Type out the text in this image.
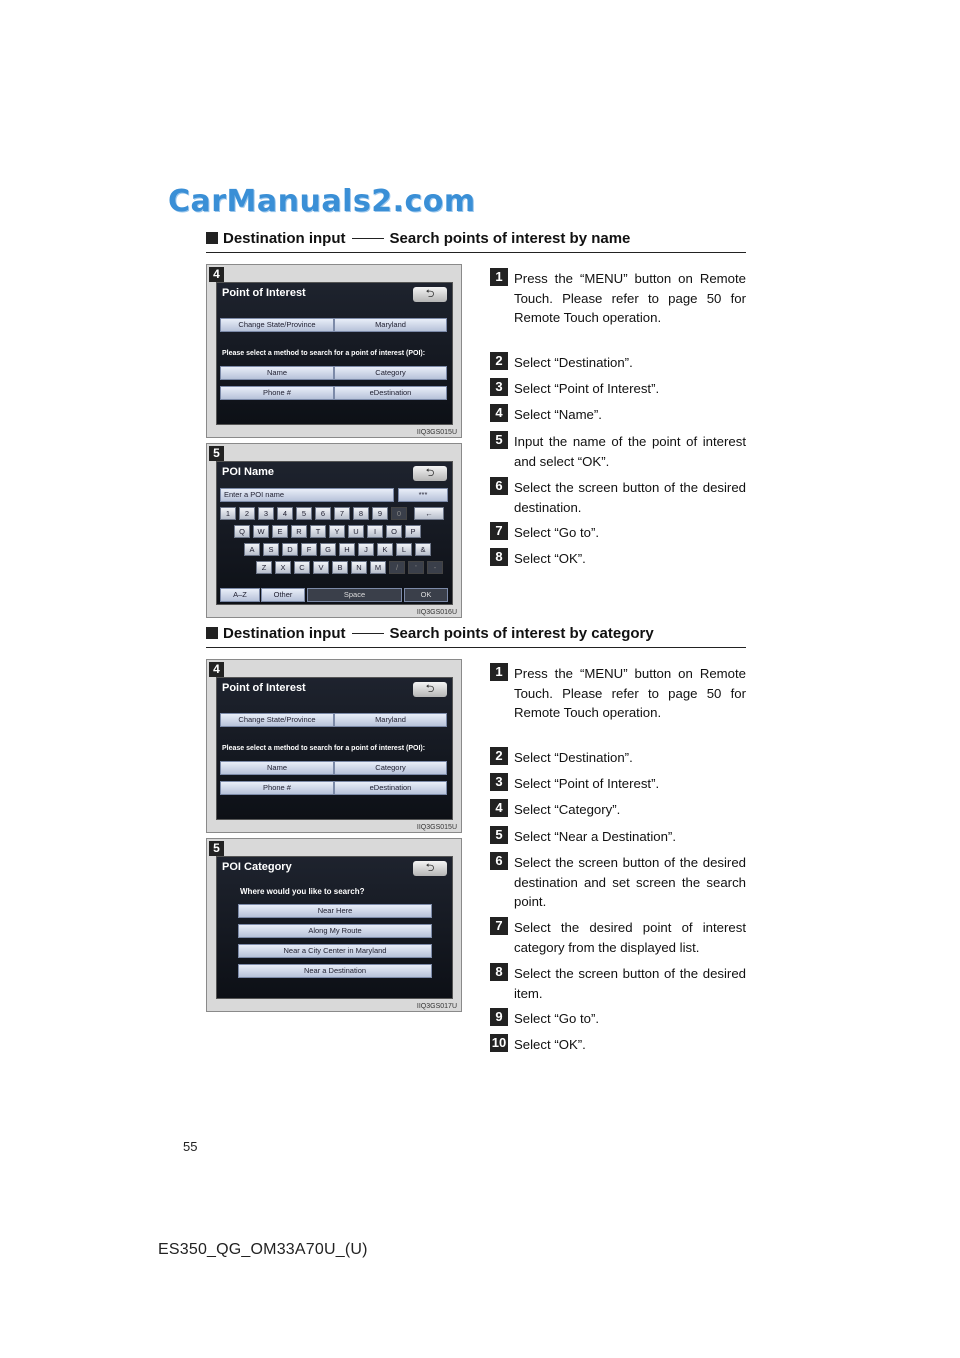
CarManuals2.com
Destination input	Search points of interest by name
4
Point of Interest	⮌
Change State/Province	Maryland
Please select a method to search for a point of interest (POI):
Name	Category
Phone #	eDestination
IIQ3GS015U
5
POI Name	⮌
Enter a POI name	***
A–Z	Other	Space	OK
1	2	3	4	5	6	7	8	9	0
Q	W	E	R	T	Y	U	I	O	P
A	S	D	F	G	H	J	K	L	&
Z	X	C	V	B	N	M	/	'	-
←
IIQ3GS016U
1 Press the “MENU” button on Remote Touch. Please refer to page 50 for Remote Touch operation.
2 Select “Destination”.
3 Select “Point of Interest”.
4 Select “Name”.
5 Input the name of the point of interest and select “OK”.
6 Select the screen button of the desired destination.
7 Select “Go to”.
8 Select “OK”.
Destination input	Search points of interest by category
4
Point of Interest	⮌
Change State/Province	Maryland
Please select a method to search for a point of interest (POI):
Name	Category
Phone #	eDestination
IIQ3GS015U
5
POI Category	⮌
Where would you like to search?
Near Here
Along My Route
Near a City Center in Maryland
Near a Destination
IIQ3GS017U
1 Press the “MENU” button on Remote Touch. Please refer to page 50 for Remote Touch operation.
2 Select “Destination”.
3 Select “Point of Interest”.
4 Select “Category”.
5 Select “Near a Destination”.
6 Select the screen button of the desired destination and set screen the search point.
7 Select the desired point of interest category from the displayed list.
8 Select the screen button of the desired item.
9 Select “Go to”.
10 Select “OK”.
55
ES350_QG_OM33A70U_(U)
